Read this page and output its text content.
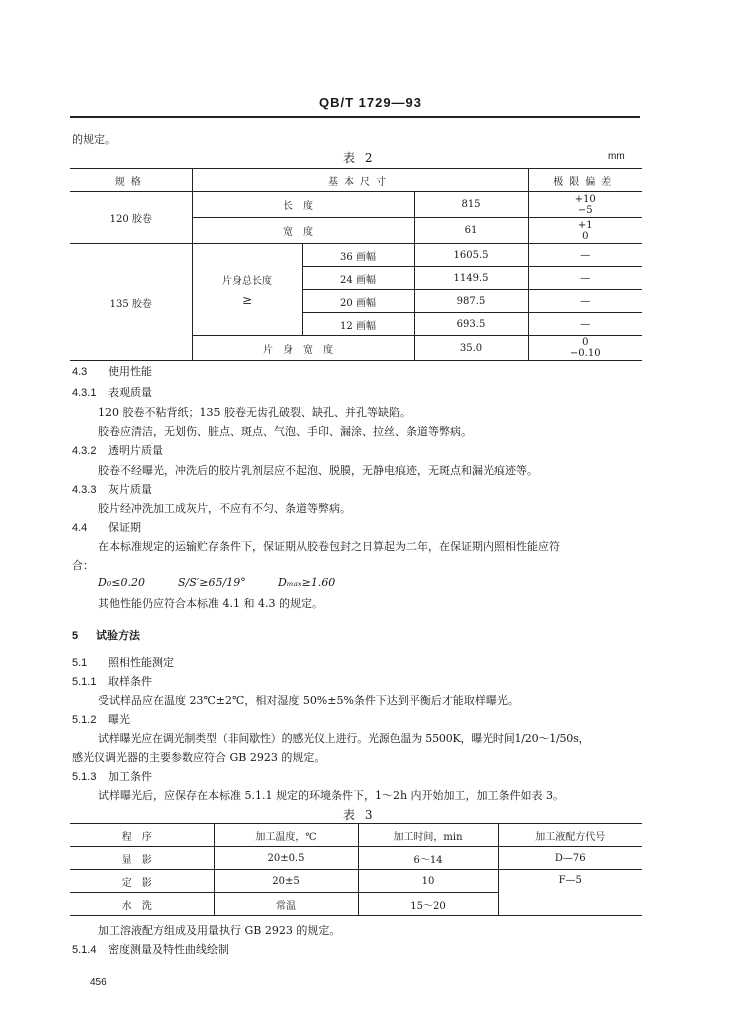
QB/T 1729—93
的规定。
表 2	mm
规格	基本尺寸			极限偏差
120 胶卷	长度		815	+10
−5

	宽度		61	+1
0

135 胶卷	片身总长度
≥	36 画幅	1605.5	—
		24 画幅	1149.5	—
		20 画幅	987.5	—
		12 画幅	693.5	—
	片身宽度		35.0	0
−0.10
4.3 使用性能
4.3.1 表观质量
120 胶卷不粘背纸；135 胶卷无齿孔破裂、缺孔、并孔等缺陷。
胶卷应清洁，无划伤、脏点、斑点、气泡、手印、漏涂、拉丝、条道等弊病。
4.3.2 透明片质量
胶卷不经曝光，冲洗后的胶片乳剂层应不起泡、脱膜，无静电痕迹，无斑点和漏光痕迹等。
4.3.3 灰片质量
胶片经冲洗加工成灰片，不应有不匀、条道等弊病。
4.4 保证期
在本标准规定的运输贮存条件下，保证期从胶卷包封之日算起为二年，在保证期内照相性能应符
合：
D₀≤0.20	S/S′≥65/19°	Dₘₐₓ≥1.60
其他性能仍应符合本标准 4.1 和 4.3 的规定。
5 试验方法
5.1 照相性能测定
5.1.1 取样条件
受试样品应在温度 23℃±2℃，相对湿度 50%±5%条件下达到平衡后才能取样曝光。
5.1.2 曝光
试样曝光应在调光制类型（非间歇性）的感光仪上进行。光源色温为 5500K，曝光时间1/20～1/50s，
感光仪调光器的主要参数应符合 GB 2923 的规定。
5.1.3 加工条件
试样曝光后，应保存在本标准 5.1.1 规定的环境条件下，1～2h 内开始加工，加工条件如表 3。
表 3
程序	加工温度，℃	加工时间，min	加工液配方代号
显影	20±0.5	6～14	D—76
定影	20±5	10	F—5
水洗	常温	15～20	
加工溶液配方组成及用量执行 GB 2923 的规定。
5.1.4 密度测量及特性曲线绘制
456
